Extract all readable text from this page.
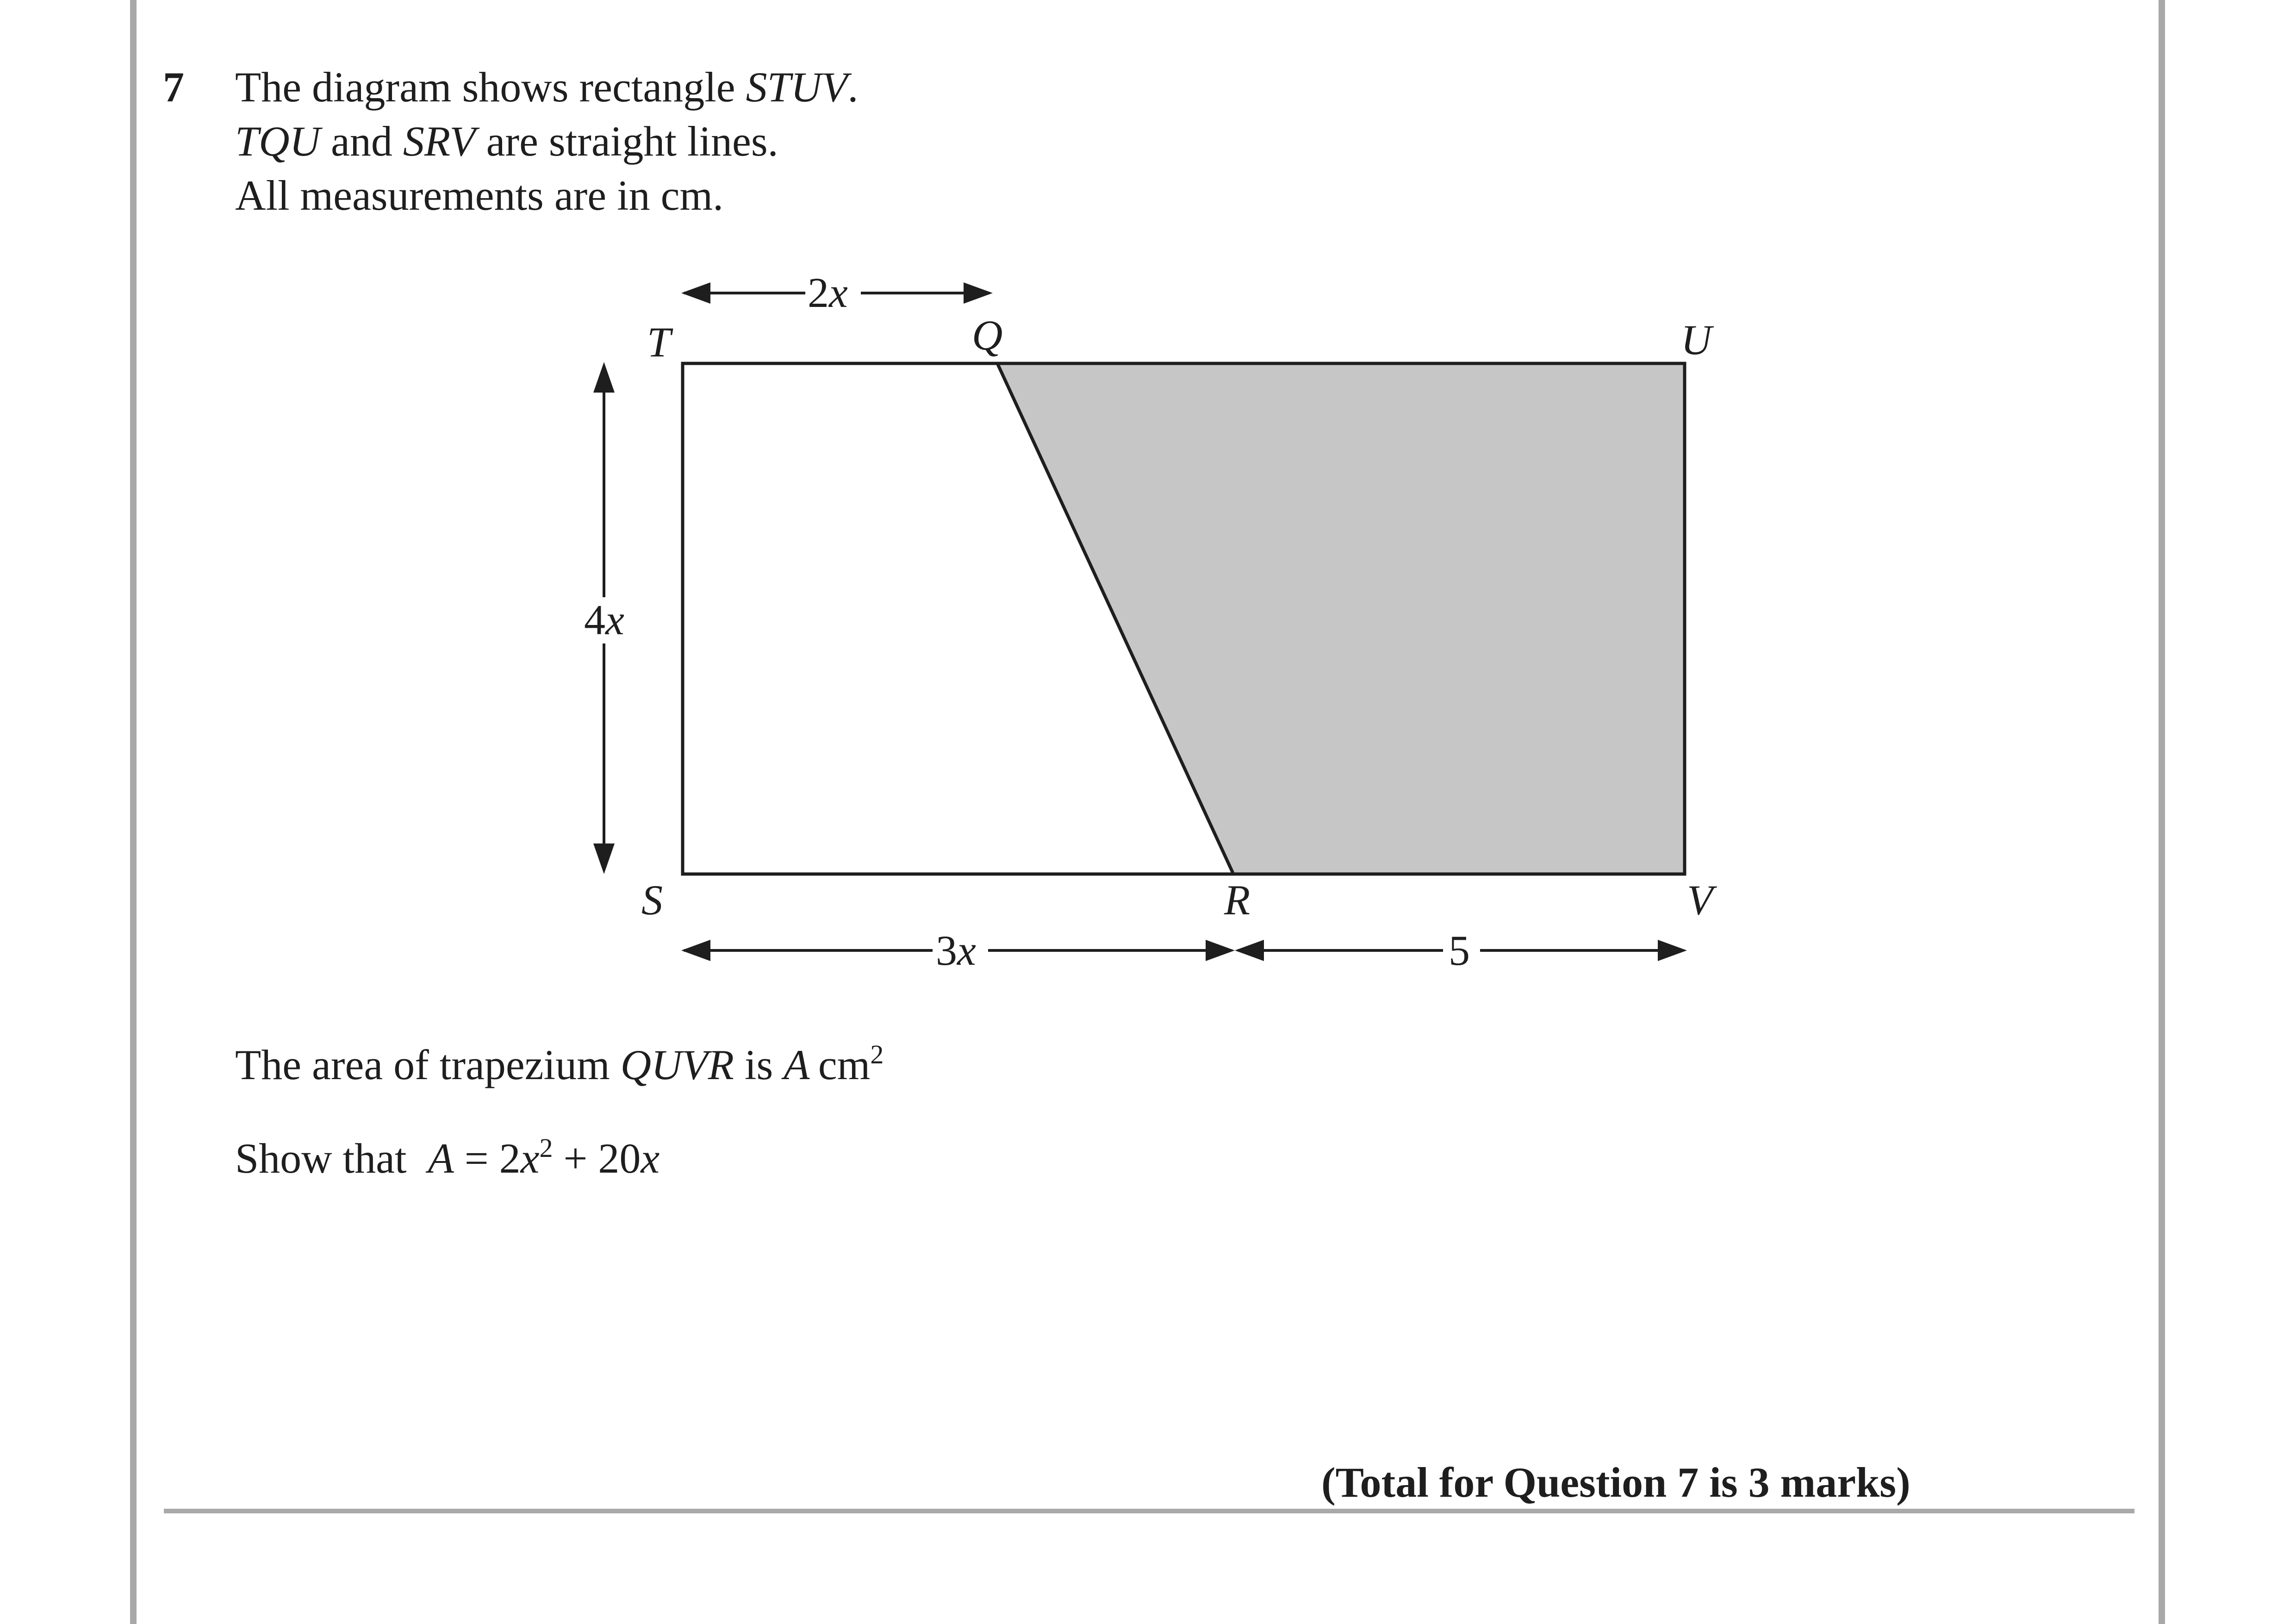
7 The diagram shows rectangle STUV.
TQU and SRV are straight lines.
All measurements are in cm.
2x
4x
3x	5
T	Q	U
S	R	V
The area of trapezium QUVR is A  $cm^2$
Show that  $A = 2x^2 + 20x$
(Total for Question 7 is 3 marks)
